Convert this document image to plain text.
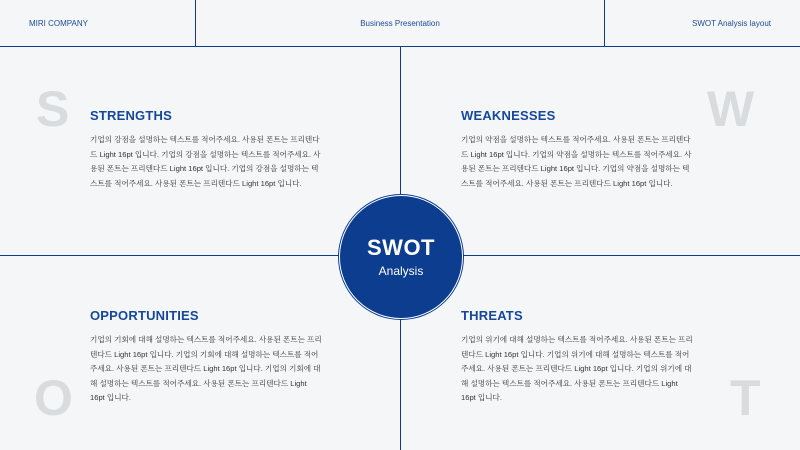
MIRI COMPANY	Business Presentation	SWOT Analysis layout
S STRENGTHS
기업의 강점을 설명하는 텍스트를 적어주세요. 사용된 폰트는 프리텐다
드 Light 16pt 입니다. 기업의 강점을 설명하는 텍스트를 적어주세요. 사
용된 폰트는 프리텐다드 Light 16pt 입니다. 기업의 강점을 설명하는 텍
스트를 적어주세요. 사용된 폰트는 프리텐다드 Light 16pt 입니다.
W
WEAKNESSES
기업의 약점을 설명하는 텍스트를 적어주세요. 사용된 폰트는 프리텐다
드 Light 16pt 입니다. 기업의 약점을 설명하는 텍스트를 적어주세요. 사
용된 폰트는 프리텐다드 Light 16pt 입니다. 기업의 약점을 설명하는 텍
스트를 적어주세요. 사용된 폰트는 프리텐다드 Light 16pt 입니다.
O
OPPORTUNITIES
기업의 기회에 대해 설명하는 텍스트를 적어주세요. 사용된 폰트는 프리
텐다드 Light 16pt 입니다. 기업의 기회에 대해 설명하는 텍스트를 적어
주세요. 사용된 폰트는 프리텐다드 Light 16pt 입니다. 기업의 기회에 대
해 설명하는 텍스트를 적어주세요. 사용된 폰트는 프리텐다드 Light
16pt 입니다.	T
THREATS
기업의 위기에 대해 설명하는 텍스트를 적어주세요. 사용된 폰트는 프리
텐다드 Light 16pt 입니다. 기업의 위기에 대해 설명하는 텍스트를 적어
주세요. 사용된 폰트는 프리텐다드 Light 16pt 입니다. 기업의 위기에 대
해 설명하는 텍스트를 적어주세요. 사용된 폰트는 프리텐다드 Light
16pt 입니다.
SWOT
Analysis
